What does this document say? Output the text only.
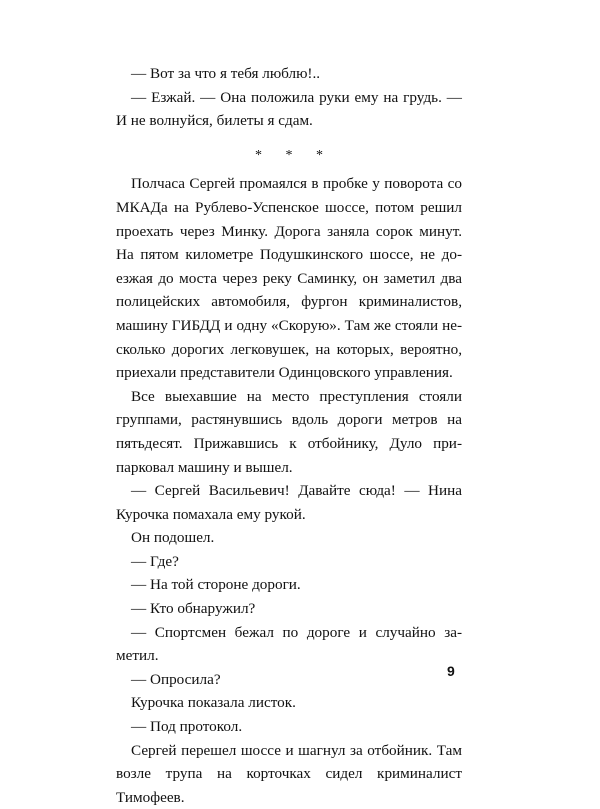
— Вот за что я тебя люблю!..

— Езжай. — Она положила руки ему на грудь. — И не волнуйся, билеты я сдам.

* * *

Полчаса Сергей промаялся в пробке у поворота со МКАДа на Рублево-Успенское шоссе, потом решил проехать через Минку. Дорога заняла сорок минут. На пятом километре Подушкинского шоссе, не доезжая до моста через реку Саминку, он заметил два полицейских автомобиля, фургон криминалистов, машину ГИБДД и одну «Скорую». Там же стояли несколько дорогих легковушек, на которых, вероятно, приехали представители Одинцовского управления.

Все выехавшие на место преступления стояли группами, растянувшись вдоль дороги метров на пятьдесят. Прижавшись к отбойнику, Дуло припарковал машину и вышел.

— Сергей Васильевич! Давайте сюда! — Нина Курочка помахала ему рукой.

Он подошел.

— Где?

— На той стороне дороги.

— Кто обнаружил?

— Спортсмен бежал по дороге и случайно заметил.

— Опросила?

Курочка показала листок.

— Под протокол.

Сергей перешел шоссе и шагнул за отбойник. Там возле трупа на корточках сидел криминалист Тимофеев.

9
